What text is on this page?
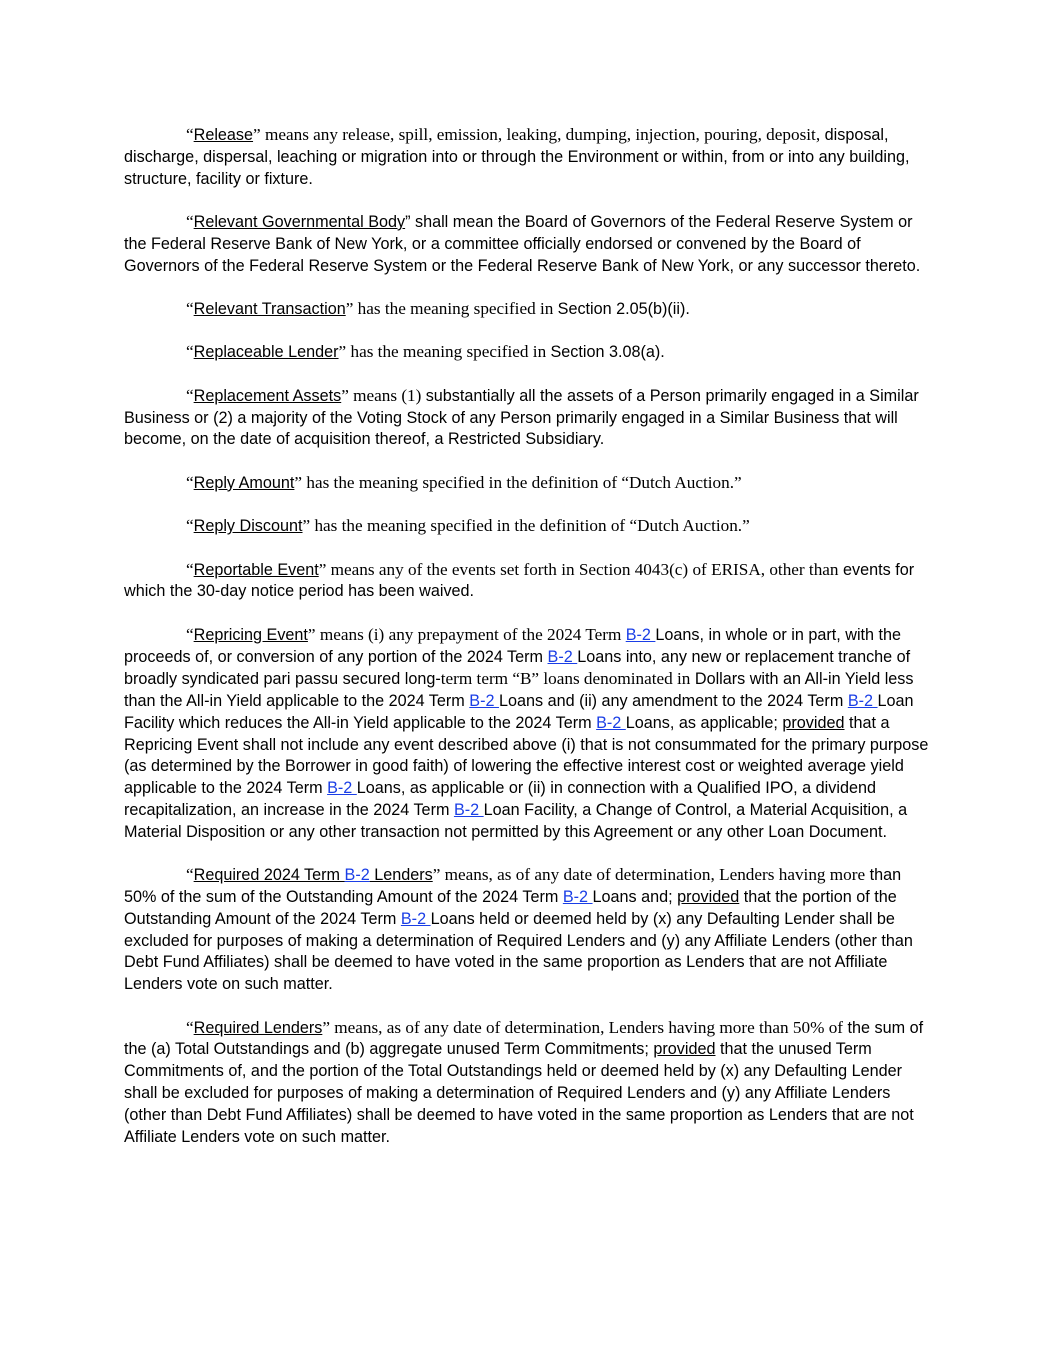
“Release” means any release, spill, emission, leaking, dumping, injection, pouring, deposit, disposal, discharge, dispersal, leaching or migration into or through the Environment or within, from or into any building, structure, facility or fixture.

“Relevant Governmental Body” shall mean the Board of Governors of the Federal Reserve System or the Federal Reserve Bank of New York, or a committee officially endorsed or convened by the Board of Governors of the Federal Reserve System or the Federal Reserve Bank of New York, or any successor thereto.

“Relevant Transaction” has the meaning specified in Section 2.05(b)(ii).

“Replaceable Lender” has the meaning specified in Section 3.08(a).

“Replacement Assets” means (1) substantially all the assets of a Person primarily engaged in a Similar Business or (2) a majority of the Voting Stock of any Person primarily engaged in a Similar Business that will become, on the date of acquisition thereof, a Restricted Subsidiary.

“Reply Amount” has the meaning specified in the definition of “Dutch Auction.”

“Reply Discount” has the meaning specified in the definition of “Dutch Auction.”

“Reportable Event” means any of the events set forth in Section 4043(c) of ERISA, other than events for which the 30-day notice period has been waived.

“Repricing Event” means (i) any prepayment of the 2024 Term B-2 Loans, in whole or in part, with the proceeds of, or conversion of any portion of the 2024 Term B-2 Loans into, any new or replacement tranche of broadly syndicated pari passu secured long-term term “B” loans denominated in Dollars with an All-in Yield less than the All-in Yield applicable to the 2024 Term B-2 Loans and (ii) any amendment to the 2024 Term B-2 Loan Facility which reduces the All-in Yield applicable to the 2024 Term B-2 Loans, as applicable; provided that a Repricing Event shall not include any event described above (i) that is not consummated for the primary purpose (as determined by the Borrower in good faith) of lowering the effective interest cost or weighted average yield applicable to the 2024 Term B-2 Loans, as applicable or (ii) in connection with a Qualified IPO, a dividend recapitalization, an increase in the 2024 Term B-2 Loan Facility, a Change of Control, a Material Acquisition, a Material Disposition or any other transaction not permitted by this Agreement or any other Loan Document.

“Required 2024 Term B-2 Lenders” means, as of any date of determination, Lenders having more than 50% of the sum of the Outstanding Amount of the 2024 Term B-2 Loans and; provided that the portion of the Outstanding Amount of the 2024 Term B-2 Loans held or deemed held by (x) any Defaulting Lender shall be excluded for purposes of making a determination of Required Lenders and (y) any Affiliate Lenders (other than Debt Fund Affiliates) shall be deemed to have voted in the same proportion as Lenders that are not Affiliate Lenders vote on such matter.

“Required Lenders” means, as of any date of determination, Lenders having more than 50% of the sum of the (a) Total Outstandings and (b) aggregate unused Term Commitments; provided that the unused Term Commitments of, and the portion of the Total Outstandings held or deemed held by (x) any Defaulting Lender shall be excluded for purposes of making a determination of Required Lenders and (y) any Affiliate Lenders (other than Debt Fund Affiliates) shall be deemed to have voted in the same proportion as Lenders that are not Affiliate Lenders vote on such matter.
